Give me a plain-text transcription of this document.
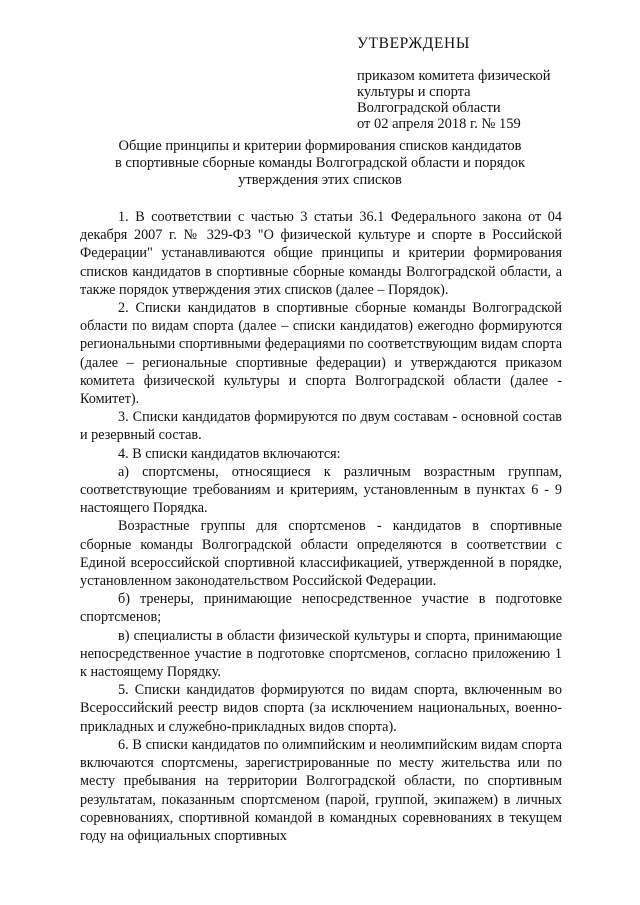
УТВЕРЖДЕНЫ
приказом комитета физической
культуры и спорта
Волгоградской области
от 02 апреля 2018 г. № 159
Общие принципы и критерии формирования списков кандидатов
в спортивные сборные команды Волгоградской области и порядок
утверждения этих списков

1. В соответствии с частью 3 статьи 36.1 Федерального закона от 04 декабря 2007 г. № 329-ФЗ "О физической культуре и спорте в Российской Федерации" устанавливаются общие принципы и критерии формирования списков кандидатов в спортивные сборные команды Волгоградской области, а также порядок утверждения этих списков (далее – Порядок).

2. Списки кандидатов в спортивные сборные команды Волгоградской области по видам спорта (далее – списки кандидатов) ежегодно формируются региональными спортивными федерациями по соответствующим видам спорта (далее – региональные спортивные федерации) и утверждаются приказом комитета физической культуры и спорта Волгоградской области (далее - Комитет).

3. Списки кандидатов формируются по двум составам - основной состав и резервный состав.

4. В списки кандидатов включаются:

а) спортсмены, относящиеся к различным возрастным группам, соответствующие требованиям и критериям, установленным в пунктах 6 - 9 настоящего Порядка.

Возрастные группы для спортсменов - кандидатов в спортивные сборные команды Волгоградской области определяются в соответствии с Единой всероссийской спортивной классификацией, утвержденной в порядке, установленном законодательством Российской Федерации.

б) тренеры, принимающие непосредственное участие в подготовке спортсменов;

в) специалисты в области физической культуры и спорта, принимающие непосредственное участие в подготовке спортсменов, согласно приложению 1 к настоящему Порядку.

5. Списки кандидатов формируются по видам спорта, включенным во Всероссийский реестр видов спорта (за исключением национальных, военно-прикладных и служебно-прикладных видов спорта).

6. В списки кандидатов по олимпийским и неолимпийским видам спорта включаются спортсмены, зарегистрированные по месту жительства или по месту пребывания на территории Волгоградской области, по спортивным результатам, показанным спортсменом (парой, группой, экипажем) в личных соревнованиях, спортивной командой в командных соревнованиях в текущем году на официальных спортивных
